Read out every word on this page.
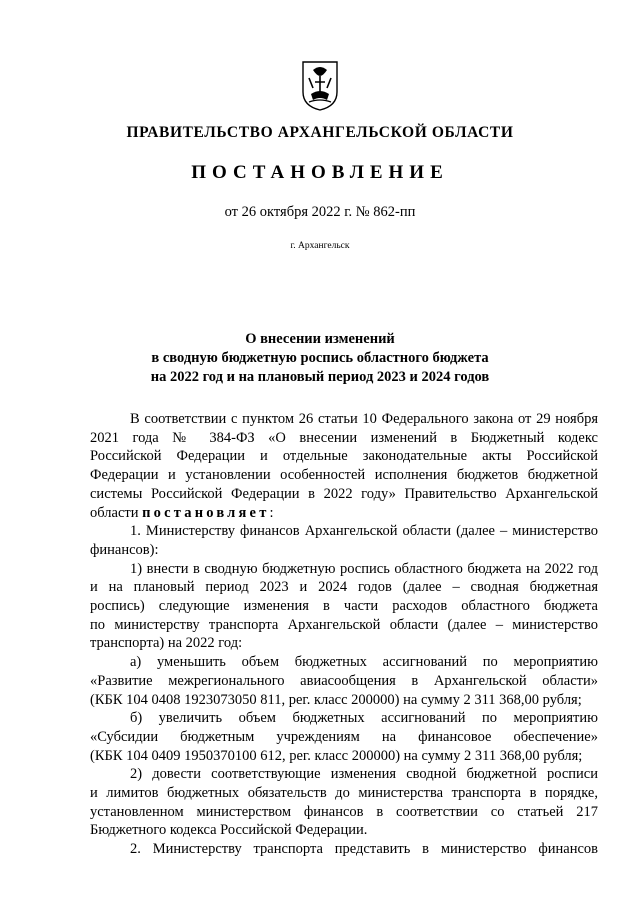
ПРАВИТЕЛЬСТВО АРХАНГЕЛЬСКОЙ ОБЛАСТИ
ПОСТАНОВЛЕНИЕ
от 26 октября 2022 г. № 862-пп
г. Архангельск
О внесении изменений
в сводную бюджетную роспись областного бюджета
на 2022 год и на плановый период 2023 и 2024 годов

В соответствии с пунктом 26 статьи 10 Федерального закона от 29 ноября

2021 года № 384-ФЗ «О внесении изменений в Бюджетный кодекс

Российской Федерации и отдельные законодательные акты Российской

Федерации и установлении особенностей исполнения бюджетов бюджетной

системы Российской Федерации в 2022 году» Правительство Архангельской

области постановляет:

1. Министерству финансов Архангельской области (далее – министерство

финансов):

1) внести в сводную бюджетную роспись областного бюджета на 2022 год

и на плановый период 2023 и 2024 годов (далее – сводная бюджетная

роспись) следующие изменения в части расходов областного бюджета

по министерству транспорта Архангельской области (далее – министерство

транспорта) на 2022 год:

а) уменьшить объем бюджетных ассигнований по мероприятию

«Развитие межрегионального авиасообщения в Архангельской области»

(КБК 104 0408 1923073050 811, рег. класс 200000) на сумму 2 311 368,00 рубля;

б) увеличить объем бюджетных ассигнований по мероприятию

«Субсидии бюджетным учреждениям на финансовое обеспечение»

(КБК 104 0409 1950370100 612, рег. класс 200000) на сумму 2 311 368,00 рубля;

2) довести соответствующие изменения сводной бюджетной росписи

и лимитов бюджетных обязательств до министерства транспорта в порядке,

установленном министерством финансов в соответствии со статьей 217

Бюджетного кодекса Российской Федерации.

2. Министерству транспорта представить в министерство финансов
